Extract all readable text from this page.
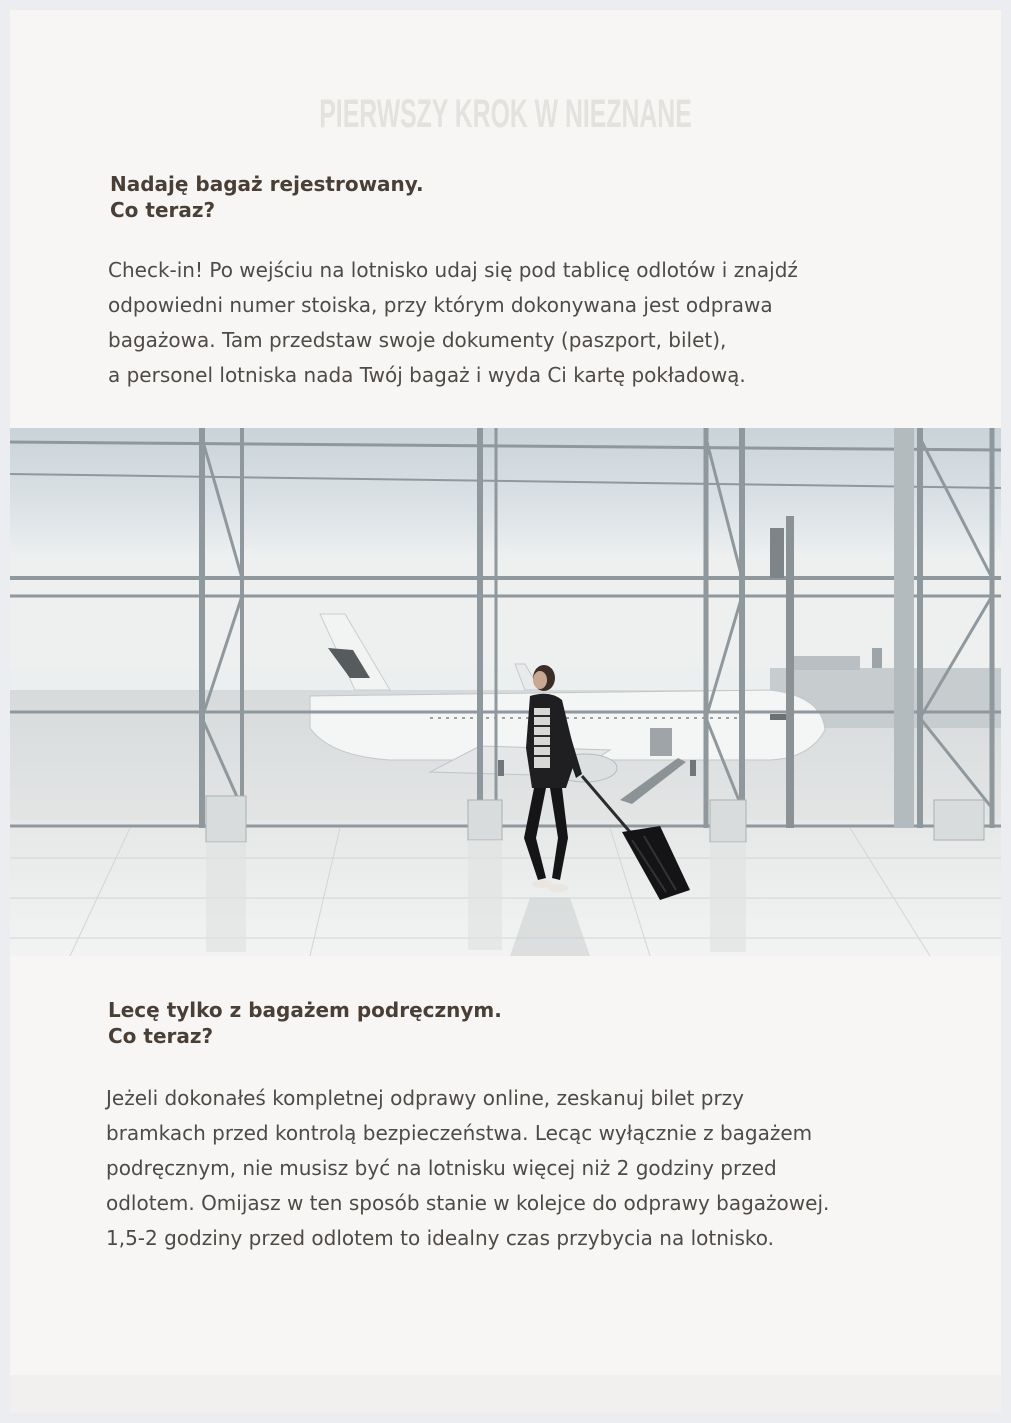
PIERWSZY KROK W NIEZNANE
Nadaję bagaż rejestrowany.
Co teraz?

Check-in! Po wejściu na lotnisko udaj się pod tablicę odlotów i znajdź
odpowiedni numer stoiska, przy którym dokonywana jest odprawa
bagażowa. Tam przedstaw swoje dokumenty (paszport, bilet),
a personel lotniska nada Twój bagaż i wyda Ci kartę pokładową.

Lecę tylko z bagażem podręcznym.
Co teraz?

Jeżeli dokonałeś kompletnej odprawy online, zeskanuj bilet przy
bramkach przed kontrolą bezpieczeństwa. Lecąc wyłącznie z bagażem
podręcznym, nie musisz być na lotnisku więcej niż 2 godziny przed
odlotem. Omijasz w ten sposób stanie w kolejce do odprawy bagażowej.
1,5-2 godziny przed odlotem to idealny czas przybycia na lotnisko.
